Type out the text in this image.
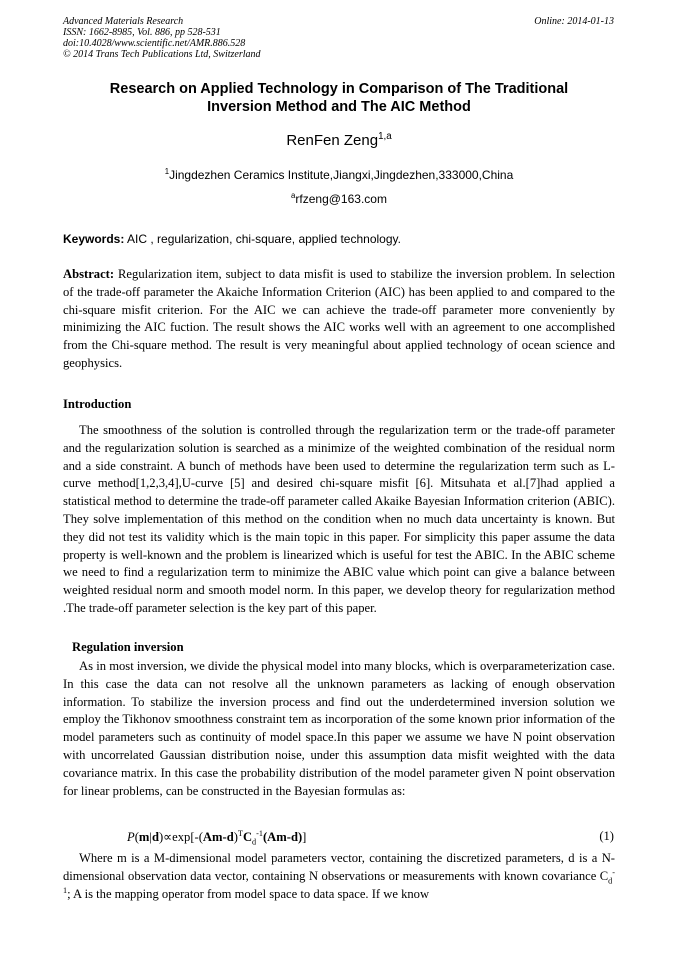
Advanced Materials Research
ISSN: 1662-8985, Vol. 886, pp 528-531
doi:10.4028/www.scientific.net/AMR.886.528
© 2014 Trans Tech Publications Ltd, Switzerland
Online: 2014-01-13
Research on Applied Technology in Comparison of The Traditional
Inversion Method and The AIC Method
RenFen Zeng$^{1,a}$
$^1$Jingdezhen Ceramics Institute,Jiangxi,Jingdezhen,333000,China
$^a$rfzeng@163.com
Keywords: AIC , regularization, chi-square, applied technology.
Abstract: Regularization item, subject to data misfit is used to stabilize the inversion problem. In selection of the trade-off parameter the Akaiche Information Criterion (AIC) has been applied to and compared to the chi-square misfit criterion. For the AIC we can achieve the trade-off parameter more conveniently by minimizing the AIC fuction. The result shows the AIC works well with an agreement to one accomplished from the Chi-square method. The result is very meaningful about applied technology of ocean science and geophysics.
Introduction
The smoothness of the solution is controlled through the regularization term or the trade-off parameter and the regularization solution is searched as a minimize of the weighted combination of the residual norm and a side constraint. A bunch of methods have been used to determine the regularization term such as L-curve method[1,2,3,4],U-curve [5] and desired chi-square misfit [6]. Mitsuhata et al.[7]had applied a statistical method to determine the trade-off parameter called Akaike Bayesian Information criterion (ABIC). They solve implementation of this method on the condition when no much data uncertainty is known. But they did not test its validity which is the main topic in this paper. For simplicity this paper assume the data property is well-known and the problem is linearized which is useful for test the ABIC. In the ABIC scheme we need to find a regularization term to minimize the ABIC value which point can give a balance between weighted residual norm and smooth model norm. In this paper, we develop theory for regularization method .The trade-off parameter selection is the key part of this paper.
Regulation inversion
As in most inversion, we divide the physical model into many blocks, which is overparameterization case. In this case the data can not resolve all the unknown parameters as lacking of enough observation information. To stabilize the inversion process and find out the underdetermined inversion solution we employ the Tikhonov smoothness constraint tem as incorporation of the some known prior information of the model parameters such as continuity of model space.In this paper we assume we have N point observation with uncorrelated Gaussian distribution noise, under this assumption data misfit weighted with the data covariance matrix. In this case the probability distribution of the model parameter given N point observation for linear problems, can be constructed in the Bayesian formulas as:
$P(m|d)\propto\exp[-(Am-d)^TC_d^{-1}(Am-d)]$	(1)
Where m is a M-dimensional model parameters vector, containing the discretized parameters, d is a N-dimensional observation data vector, containing N observations or measurements with known covariance $C_d^{-1}$; A is the mapping operator from model space to data space. If we know
